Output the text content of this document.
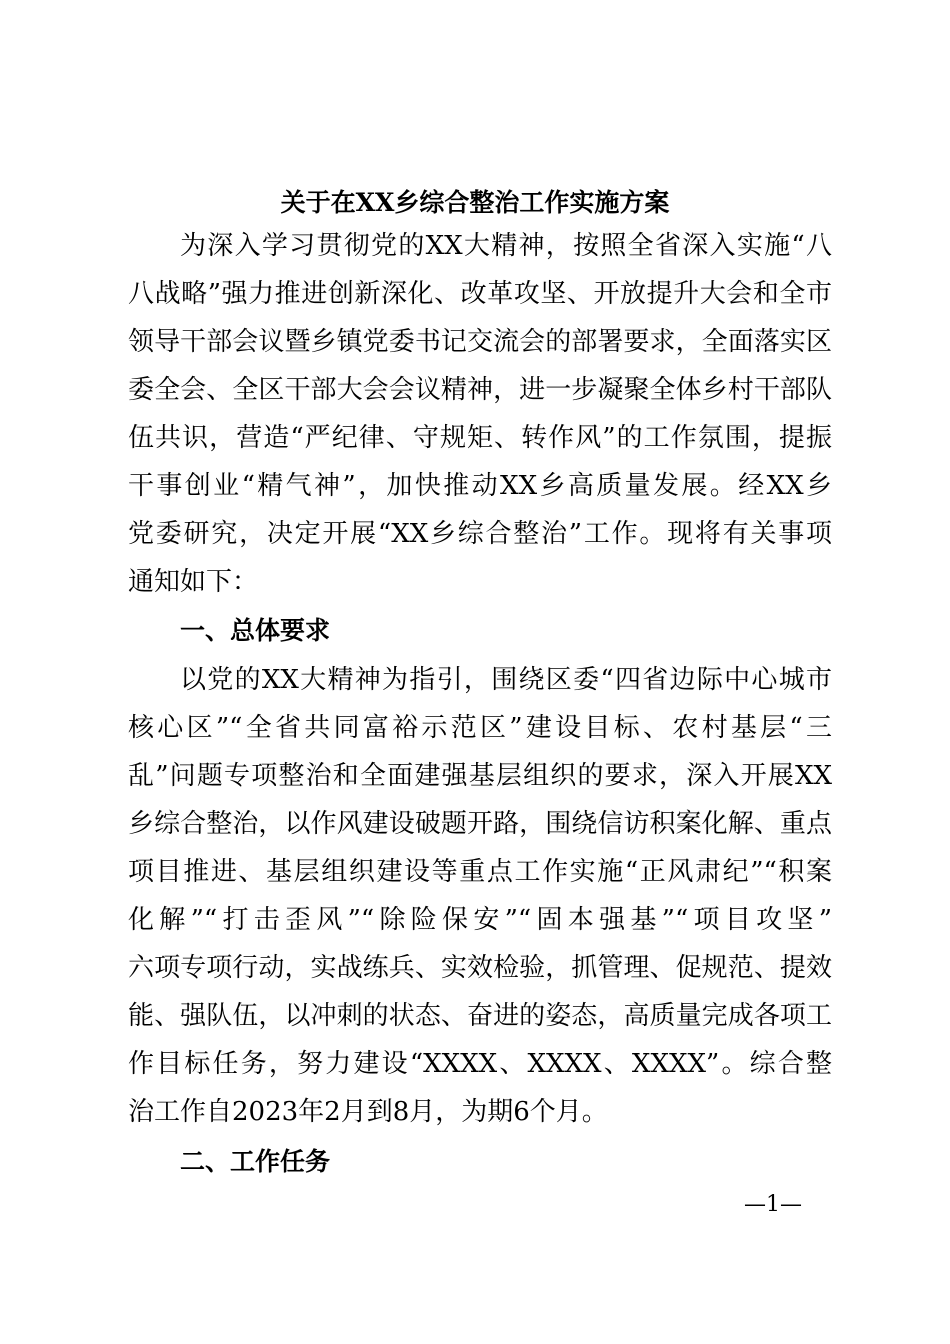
关于在XX乡综合整治工作实施方案
为深入学习贯彻党的XX大精神，按照全省深入实施“八
八战略”强力推进创新深化、改革攻坚、开放提升大会和全市
领导干部会议暨乡镇党委书记交流会的部署要求，全面落实区
委全会、全区干部大会会议精神，进一步凝聚全体乡村干部队
伍共识，营造“严纪律、守规矩、转作风”的工作氛围，提振
干事创业“精气神”，加快推动XX乡高质量发展。经XX乡
党委研究，决定开展“XX乡综合整治”工作。现将有关事项
通知如下：
一、总体要求
以党的XX大精神为指引，围绕区委“四省边际中心城市
核心区”“全省共同富裕示范区”建设目标、农村基层“三
乱”问题专项整治和全面建强基层组织的要求，深入开展XX
乡综合整治，以作风建设破题开路，围绕信访积案化解、重点
项目推进、基层组织建设等重点工作实施“正风肃纪”“积案
化解”“打击歪风”“除险保安”“固本强基”“项目攻坚”
六项专项行动，实战练兵、实效检验，抓管理、促规范、提效
能、强队伍，以冲刺的状态、奋进的姿态，高质量完成各项工
作目标任务，努力建设“XXXX、XXXX、XXXX”。综合整
治工作自2023年2月到8月，为期6个月。
二、工作任务
—1—
